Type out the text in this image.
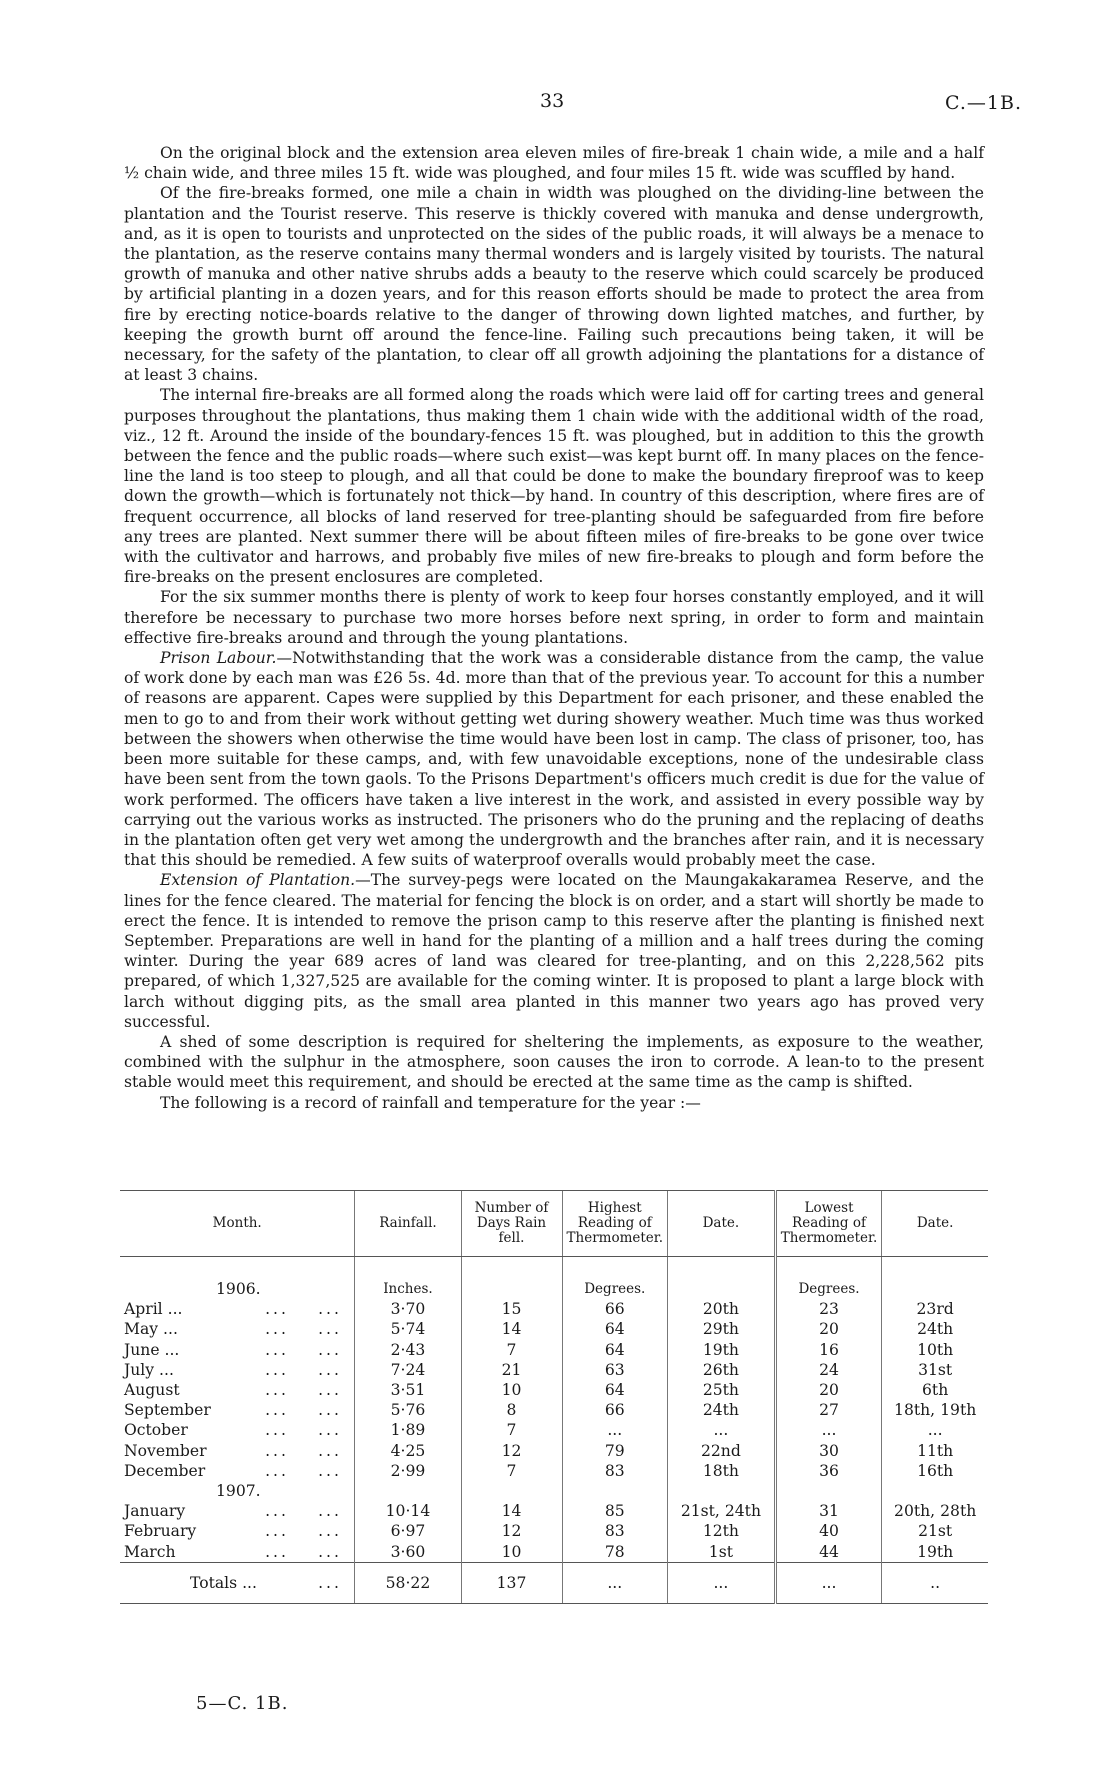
33	C.—1B.

On the original block and the extension area eleven miles of fire-break 1 chain wide, a mile and a half ½ chain wide, and three miles 15 ft. wide was ploughed, and four miles 15 ft. wide was scuffled by hand.

Of the fire-breaks formed, one mile a chain in width was ploughed on the dividing-line between the plantation and the Tourist reserve. This reserve is thickly covered with manuka and dense undergrowth, and, as it is open to tourists and unprotected on the sides of the public roads, it will always be a menace to the plantation, as the reserve contains many thermal wonders and is largely visited by tourists. The natural growth of manuka and other native shrubs adds a beauty to the reserve which could scarcely be produced by artificial planting in a dozen years, and for this reason efforts should be made to protect the area from fire by erecting notice-boards relative to the danger of throwing down lighted matches, and further, by keeping the growth burnt off around the fence-line. Failing such precautions being taken, it will be necessary, for the safety of the plantation, to clear off all growth adjoining the plantations for a distance of at least 3 chains.

The internal fire-breaks are all formed along the roads which were laid off for carting trees and general purposes throughout the plantations, thus making them 1 chain wide with the additional width of the road, viz., 12 ft. Around the inside of the boundary-fences 15 ft. was ploughed, but in addition to this the growth between the fence and the public roads—where such exist—was kept burnt off. In many places on the fence-line the land is too steep to plough, and all that could be done to make the boundary fireproof was to keep down the growth—which is fortunately not thick—by hand. In country of this description, where fires are of frequent occurrence, all blocks of land reserved for tree-planting should be safeguarded from fire before any trees are planted. Next summer there will be about fifteen miles of fire-breaks to be gone over twice with the cultivator and harrows, and probably five miles of new fire-breaks to plough and form before the fire-breaks on the present enclosures are completed.

For the six summer months there is plenty of work to keep four horses constantly employed, and it will therefore be necessary to purchase two more horses before next spring, in order to form and maintain effective fire-breaks around and through the young plantations.

Prison Labour.—Notwithstanding that the work was a considerable distance from the camp, the value of work done by each man was £26 5s. 4d. more than that of the previous year. To account for this a number of reasons are apparent. Capes were supplied by this Department for each prisoner, and these enabled the men to go to and from their work without getting wet during showery weather. Much time was thus worked between the showers when otherwise the time would have been lost in camp. The class of prisoner, too, has been more suitable for these camps, and, with few unavoidable exceptions, none of the undesirable class have been sent from the town gaols. To the Prisons Department's officers much credit is due for the value of work performed. The officers have taken a live interest in the work, and assisted in every possible way by carrying out the various works as instructed. The prisoners who do the pruning and the replacing of deaths in the plantation often get very wet among the undergrowth and the branches after rain, and it is necessary that this should be remedied. A few suits of waterproof overalls would probably meet the case.

Extension of Plantation.—The survey-pegs were located on the Maungakakaramea Reserve, and the lines for the fence cleared. The material for fencing the block is on order, and a start will shortly be made to erect the fence. It is intended to remove the prison camp to this reserve after the planting is finished next September. Preparations are well in hand for the planting of a million and a half trees during the coming winter. During the year 689 acres of land was cleared for tree-planting, and on this 2,228,562 pits prepared, of which 1,327,525 are available for the coming winter. It is proposed to plant a large block with larch without digging pits, as the small area planted in this manner two years ago has proved very successful.

A shed of some description is required for sheltering the implements, as exposure to the weather, combined with the sulphur in the atmosphere, soon causes the iron to corrode. A lean-to to the present stable would meet this requirement, and should be erected at the same time as the camp is shifted.

The following is a record of rainfall and temperature for the year :—

Month.	Rainfall.	Number of Days Rain fell.	Highest Reading of Thermometer.	Date.	Lowest Reading of Thermometer.	Date.
1906.	Inches.		Degrees.		Degrees.	
April ... ... ...	3·70	15	66	20th	23	23rd
May ... ... ...	5·74	14	64	29th	20	24th
June ... ... ...	2·43	7	64	19th	16	10th
July ... ... ...	7·24	21	63	26th	24	31st
August ... ...	3·51	10	64	25th	20	6th
September ... ...	5·76	8	66	24th	27	18th, 19th
October ... ...	1·89	7	...	...	...	...
November ... ...	4·25	12	79	22nd	30	11th
December ... ...	2·99	7	83	18th	36	16th
1907.						
January ... ...	10·14	14	85	21st, 24th	31	20th, 28th
February ... ...	6·97	12	83	12th	40	21st
March ... ...	3·60	10	78	1st	44	19th
Totals ... ...	58·22	137	...	...	...	..
5—C. 1B.
